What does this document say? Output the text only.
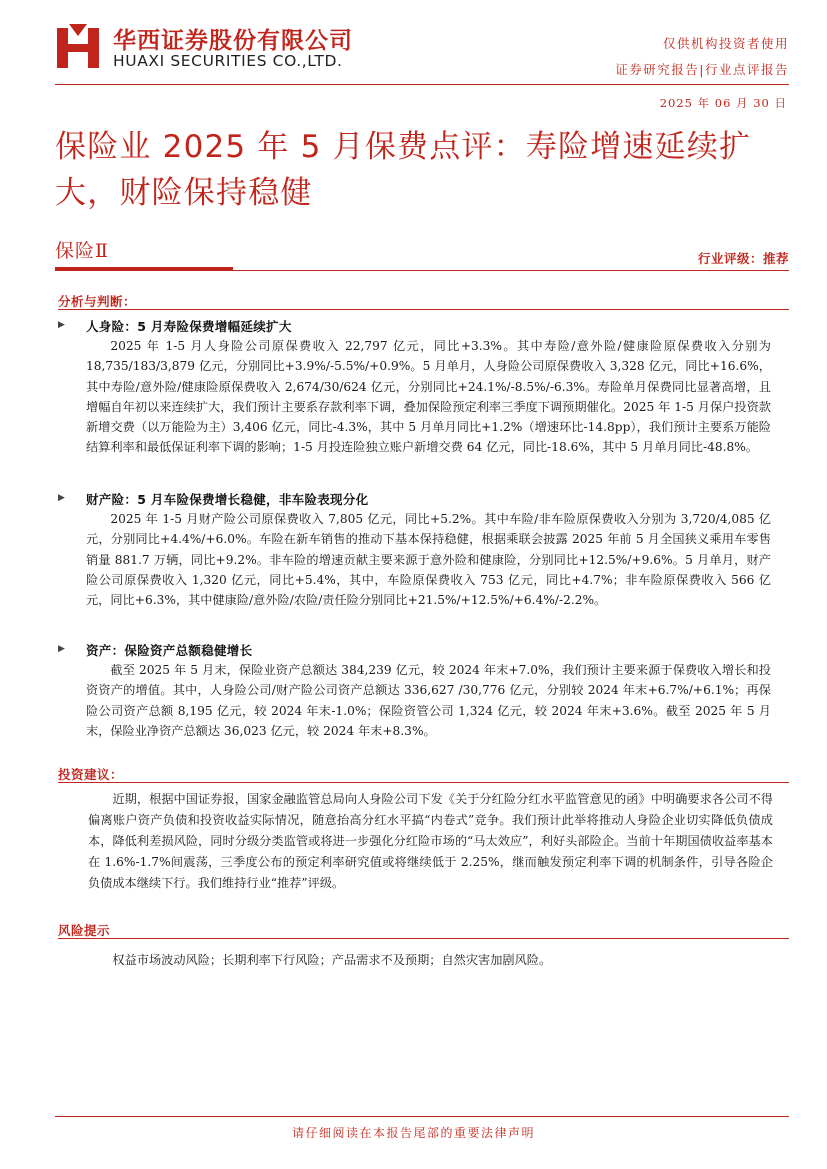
华西证券股份有限公司
HUAXI SECURITIES CO.,LTD.
仅供机构投资者使用
证券研究报告|行业点评报告
2025 年 06 月 30 日
保险业 2025 年 5 月保费点评：寿险增速延续扩大，财险保持稳健
保险Ⅱ	行业评级：推荐
分析与判断：
▶ 人身险：5 月寿险保费增幅延续扩大
2025 年 1-5 月人身险公司原保费收入 22,797 亿元，同比+3.3%。其中寿险/意外险/健康险原保费收入分别为 18,735/183/3,879 亿元，分别同比+3.9%/-5.5%/+0.9%。5 月单月，人身险公司原保费收入 3,328 亿元，同比+16.6%，其中寿险/意外险/健康险原保费收入 2,674/30/624 亿元，分别同比+24.1%/-8.5%/-6.3%。寿险单月保费同比显著高增，且增幅自年初以来连续扩大，我们预计主要系存款利率下调，叠加保险预定利率三季度下调预期催化。2025 年 1-5 月保户投资款新增交费（以万能险为主）3,406 亿元，同比-4.3%，其中 5 月单月同比+1.2%（增速环比-14.8pp），我们预计主要系万能险结算利率和最低保证利率下调的影响；1-5 月投连险独立账户新增交费 64 亿元，同比-18.6%，其中 5 月单月同比-48.8%。
▶ 财产险：5 月车险保费增长稳健，非车险表现分化
2025 年 1-5 月财产险公司原保费收入 7,805 亿元，同比+5.2%。其中车险/非车险原保费收入分别为 3,720/4,085 亿元，分别同比+4.4%/+6.0%。车险在新车销售的推动下基本保持稳健，根据乘联会披露 2025 年前 5 月全国狭义乘用车零售销量 881.7 万辆，同比+9.2%。非车险的增速贡献主要来源于意外险和健康险，分别同比+12.5%/+9.6%。5 月单月，财产险公司原保费收入 1,320 亿元，同比+5.4%，其中，车险原保费收入 753 亿元，同比+4.7%；非车险原保费收入 566 亿元，同比+6.3%，其中健康险/意外险/农险/责任险分别同比+21.5%/+12.5%/+6.4%/-2.2%。
▶ 资产：保险资产总额稳健增长
截至 2025 年 5 月末，保险业资产总额达 384,239 亿元，较 2024 年末+7.0%，我们预计主要来源于保费收入增长和投资资产的增值。其中，人身险公司/财产险公司资产总额达 336,627 /30,776 亿元，分别较 2024 年末+6.7%/+6.1%；再保险公司资产总额 8,195 亿元，较 2024 年末-1.0%；保险资管公司 1,324 亿元，较 2024 年末+3.6%。截至 2025 年 5 月末，保险业净资产总额达 36,023 亿元，较 2024 年末+8.3%。
投资建议：
近期，根据中国证券报，国家金融监管总局向人身险公司下发《关于分红险分红水平监管意见的函》中明确要求各公司不得偏离账户资产负债和投资收益实际情况，随意抬高分红水平搞“内卷式”竞争。我们预计此举将推动人身险企业切实降低负债成本，降低利差损风险，同时分级分类监管或将进一步强化分红险市场的“马太效应”，利好头部险企。当前十年期国债收益率基本在 1.6%-1.7%间震荡，三季度公布的预定利率研究值或将继续低于 2.25%，继而触发预定利率下调的机制条件，引导各险企负债成本继续下行。我们维持行业“推荐”评级。
风险提示
权益市场波动风险；长期利率下行风险；产品需求不及预期；自然灾害加剧风险。
请仔细阅读在本报告尾部的重要法律声明
